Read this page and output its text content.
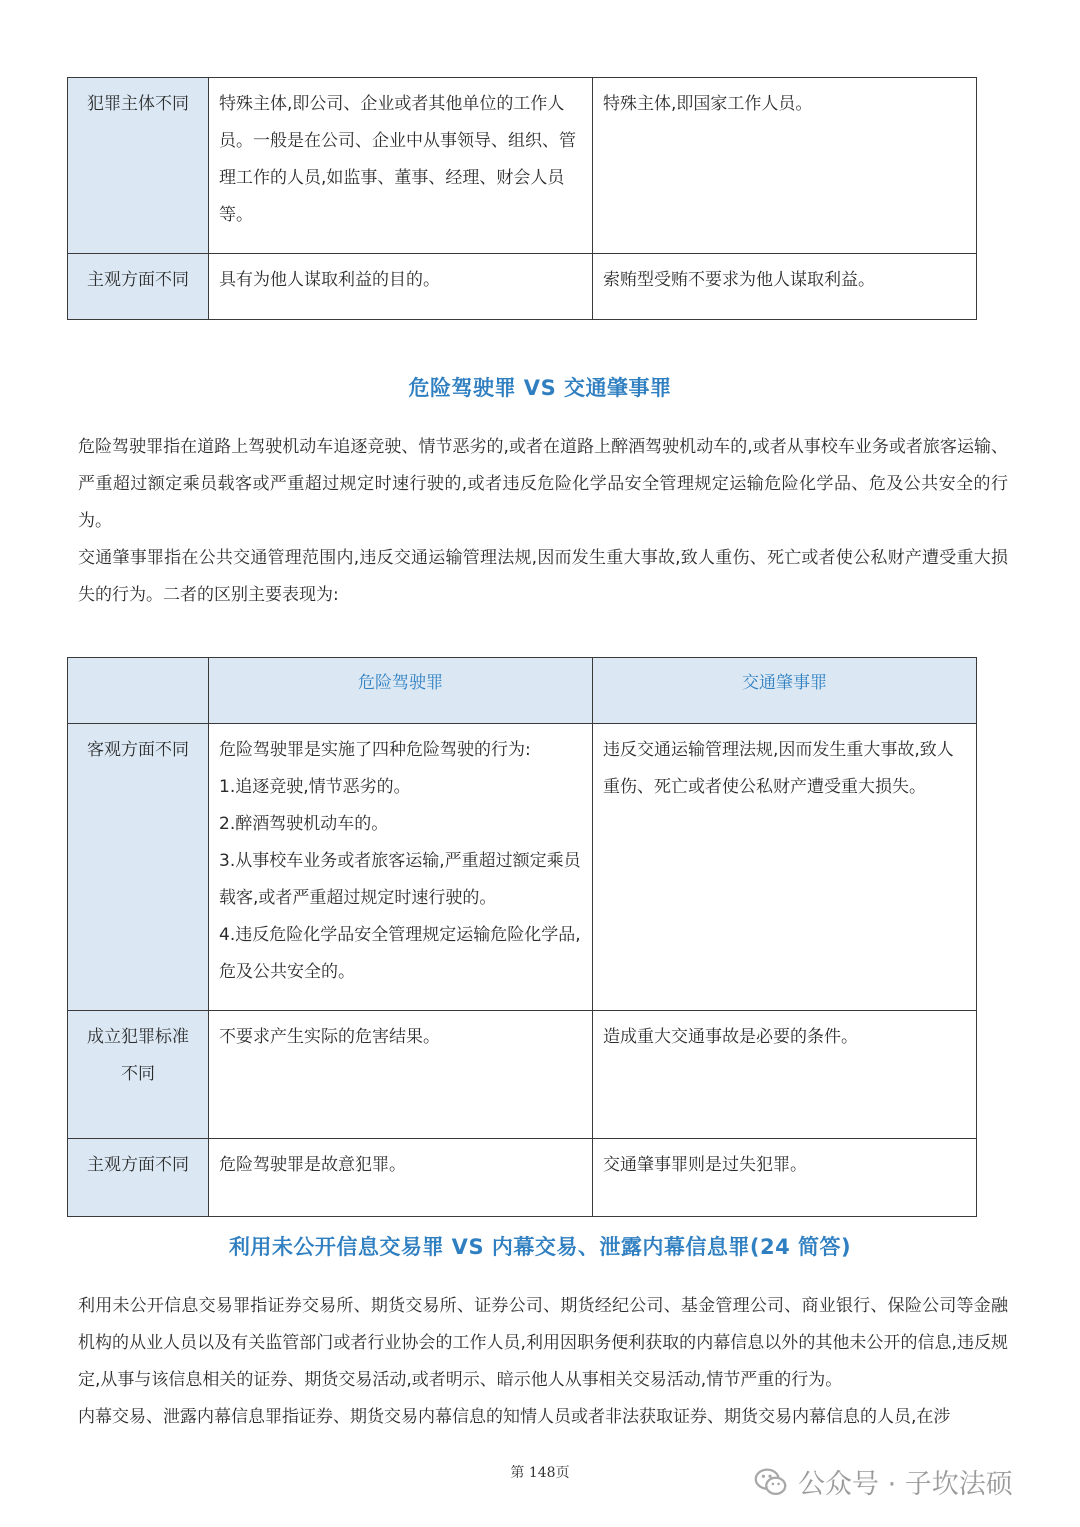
犯罪主体不同	特殊主体,即公司、企业或者其他单位的工作人员。一般是在公司、企业中从事领导、组织、管理工作的人员,如监事、董事、经理、财会人员等。	特殊主体,即国家工作人员。
主观方面不同	具有为他人谋取利益的目的。	索贿型受贿不要求为他人谋取利益。
危险驾驶罪 VS 交通肇事罪

危险驾驶罪指在道路上驾驶机动车追逐竞驶、情节恶劣的,或者在道路上醉酒驾驶机动车的,或者从事校车业务或者旅客运输、严重超过额定乘员载客或严重超过规定时速行驶的,或者违反危险化学品安全管理规定运输危险化学品、危及公共安全的行为。

交通肇事罪指在公共交通管理范围内,违反交通运输管理法规,因而发生重大事故,致人重伤、死亡或者使公私财产遭受重大损失的行为。二者的区别主要表现为:

	危险驾驶罪	交通肇事罪
客观方面不同	危险驾驶罪是实施了四种危险驾驶的行为:
1.追逐竞驶,情节恶劣的。
2.醉酒驾驶机动车的。
3.从事校车业务或者旅客运输,严重超过额定乘员载客,或者严重超过规定时速行驶的。
4.违反危险化学品安全管理规定运输危险化学品,危及公共安全的。	违反交通运输管理法规,因而发生重大事故,致人重伤、死亡或者使公私财产遭受重大损失。
成立犯罪标准不同	不要求产生实际的危害结果。	造成重大交通事故是必要的条件。
主观方面不同	危险驾驶罪是故意犯罪。	交通肇事罪则是过失犯罪。
利用未公开信息交易罪 VS 内幕交易、泄露内幕信息罪(24 简答)

利用未公开信息交易罪指证券交易所、期货交易所、证券公司、期货经纪公司、基金管理公司、商业银行、保险公司等金融机构的从业人员以及有关监管部门或者行业协会的工作人员,利用因职务便利获取的内幕信息以外的其他未公开的信息,违反规定,从事与该信息相关的证券、期货交易活动,或者明示、暗示他人从事相关交易活动,情节严重的行为。

内幕交易、泄露内幕信息罪指证券、期货交易内幕信息的知情人员或者非法获取证券、期货交易内幕信息的人员,在涉

第 148页	公众号 · 子坎法硕
